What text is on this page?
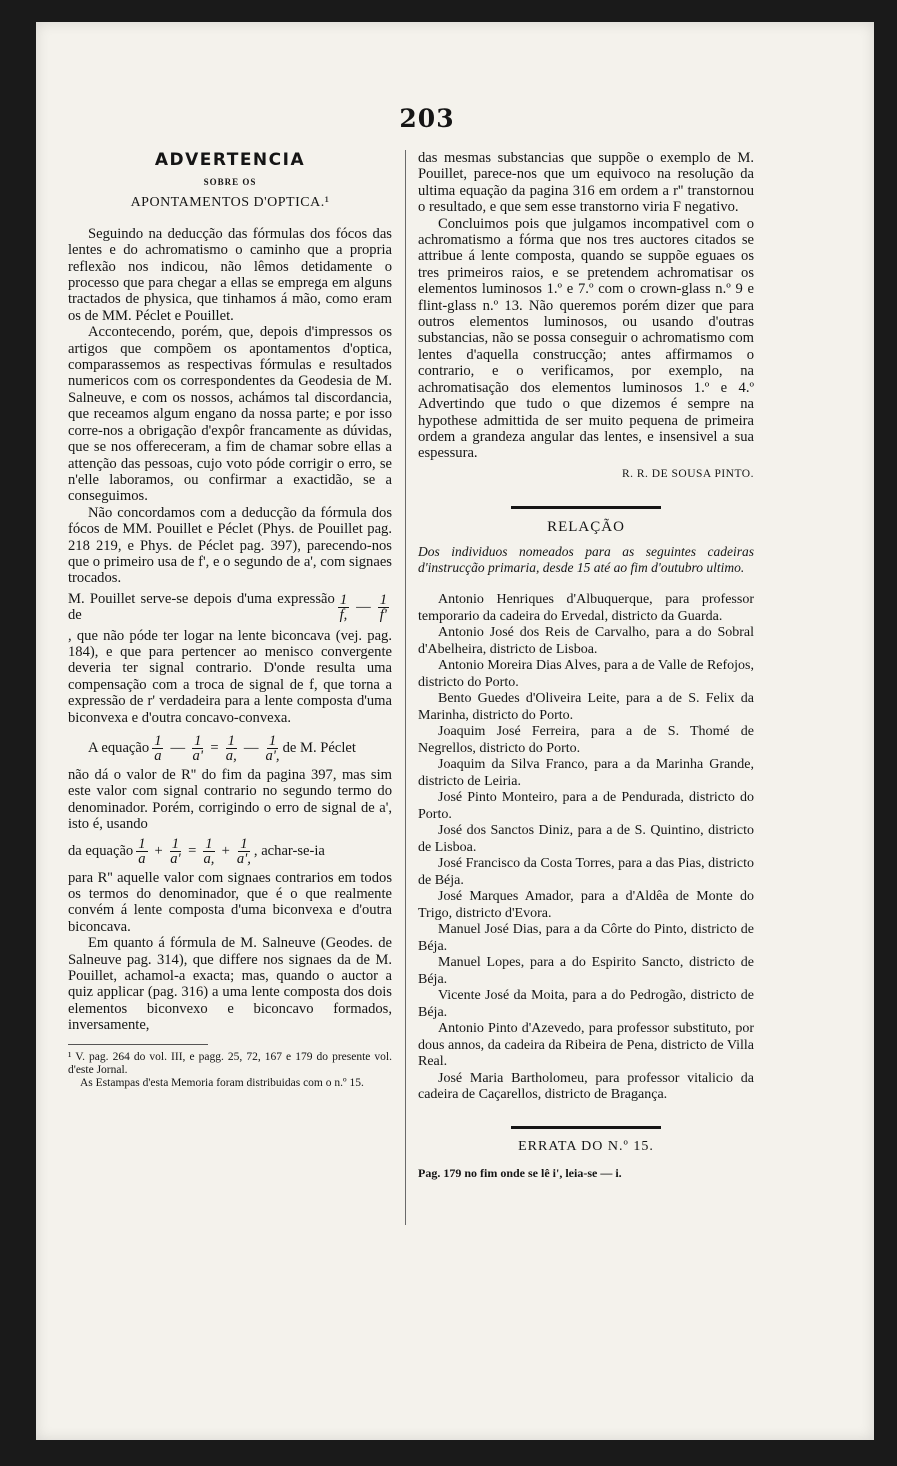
203
ADVERTENCIA
SOBRE OS
APONTAMENTOS D'OPTICA.¹

Seguindo na deducção das fórmulas dos fócos das lentes e do achromatismo o caminho que a propria reflexão nos indicou, não lêmos detidamente o processo que para chegar a ellas se emprega em alguns tractados de physica, que tinhamos á mão, como eram os de MM. Péclet e Pouillet.

Accontecendo, porém, que, depois d'impressos os artigos que compõem os apontamentos d'optica, comparassemos as respectivas fórmulas e resultados numericos com os correspondentes da Geodesia de M. Salneuve, e com os nossos, achámos tal discordancia, que receamos algum engano da nossa parte; e por isso corre-nos a obrigação d'expôr francamente as dúvidas, que se nos offereceram, a fim de chamar sobre ellas a attenção das pessoas, cujo voto póde corrigir o erro, se n'elle laboramos, ou confirmar a exactidão, se a conseguimos.

Não concordamos com a deducção da fórmula dos fócos de MM. Pouillet e Péclet (Phys. de Pouillet pag. 218 219, e Phys. de Péclet pag. 397), parecendo-nos que o primeiro usa de f', e o segundo de a', com signaes trocados.

M. Pouillet serve-se depois d'uma expressão de	$\frac{1}{f,}$ — $\frac{1}{f'}$

, que não póde ter logar na lente biconcava (vej. pag. 184), e que para pertencer ao menisco convergente deveria ter signal contrario. D'onde resulta uma compensação com a troca de signal de f, que torna a expressão de r' verdadeira para a lente composta d'uma biconvexa e d'outra concavo-convexa.

A equação $\frac{1}{a}$ — $\frac{1}{a'} = \frac{1}{a,}$ — $\frac{1}{a',}$ de M. Péclet

não dá o valor de R'' do fim da pagina 397, mas sim este valor com signal contrario no segundo termo do denominador. Porém, corrigindo o erro de signal de a', isto é, usando

da equação $\frac{1}{a} + \frac{1}{a'} = \frac{1}{a,} + \frac{1}{a',}$ , achar-se-ia

para R'' aquelle valor com signaes contrarios em todos os termos do denominador, que é o que realmente convém á lente composta d'uma biconvexa e d'outra biconcava.

Em quanto á fórmula de M. Salneuve (Geodes. de Salneuve pag. 314), que differe nos signaes da de M. Pouillet, achamol-a exacta; mas, quando o auctor a quiz applicar (pag. 316) a uma lente composta dos dois elementos biconvexo e biconcavo formados, inversamente,

¹ V. pag. 264 do vol. III, e pagg. 25, 72, 167 e 179 do presente vol. d'este Jornal.
As Estampas d'esta Memoria foram distribuidas com o n.º 15.

das mesmas substancias que suppõe o exemplo de M. Pouillet, parece-nos que um equivoco na resolução da ultima equação da pagina 316 em ordem a r'' transtornou o resultado, e que sem esse transtorno viria F negativo.

Concluimos pois que julgamos incompativel com o achromatismo a fórma que nos tres auctores citados se attribue á lente composta, quando se suppõe eguaes os tres primeiros raios, e se pretendem achromatisar os elementos luminosos 1.º e 7.º com o crown-glass n.º 9 e flint-glass n.º 13. Não queremos porém dizer que para outros elementos luminosos, ou usando d'outras substancias, não se possa conseguir o achromatismo com lentes d'aquella construcção; antes affirmamos o contrario, e o verificamos, por exemplo, na achromatisação dos elementos luminosos 1.º e 4.º Advertindo que tudo o que dizemos é sempre na hypothese admittida de ser muito pequena de primeira ordem a grandeza angular das lentes, e insensivel a sua espessura.

R. R. DE SOUSA PINTO.
RELAÇÃO
Dos individuos nomeados para as seguintes cadeiras d'instrucção primaria, desde 15 até ao fim d'outubro ultimo.
Antonio Henriques d'Albuquerque, para professor temporario da cadeira do Ervedal, districto da Guarda.
Antonio José dos Reis de Carvalho, para a do Sobral d'Abelheira, districto de Lisboa.
Antonio Moreira Dias Alves, para a de Valle de Refojos, districto do Porto.
Bento Guedes d'Oliveira Leite, para a de S. Felix da Marinha, districto do Porto.
Joaquim José Ferreira, para a de S. Thomé de Negrellos, districto do Porto.
Joaquim da Silva Franco, para a da Marinha Grande, districto de Leiria.
José Pinto Monteiro, para a de Pendurada, districto do Porto.
José dos Sanctos Diniz, para a de S. Quintino, districto de Lisboa.
José Francisco da Costa Torres, para a das Pias, districto de Béja.
José Marques Amador, para a d'Aldêa de Monte do Trigo, districto d'Evora.
Manuel José Dias, para a da Côrte do Pinto, districto de Béja.
Manuel Lopes, para a do Espirito Sancto, districto de Béja.
Vicente José da Moita, para a do Pedrogão, districto de Béja.
Antonio Pinto d'Azevedo, para professor substituto, por dous annos, da cadeira da Ribeira de Pena, districto de Villa Real.
José Maria Bartholomeu, para professor vitalicio da cadeira de Caçarellos, districto de Bragança.
ERRATA DO N.º 15.
Pag. 179 no fim onde se lê i', leia-se — i.
